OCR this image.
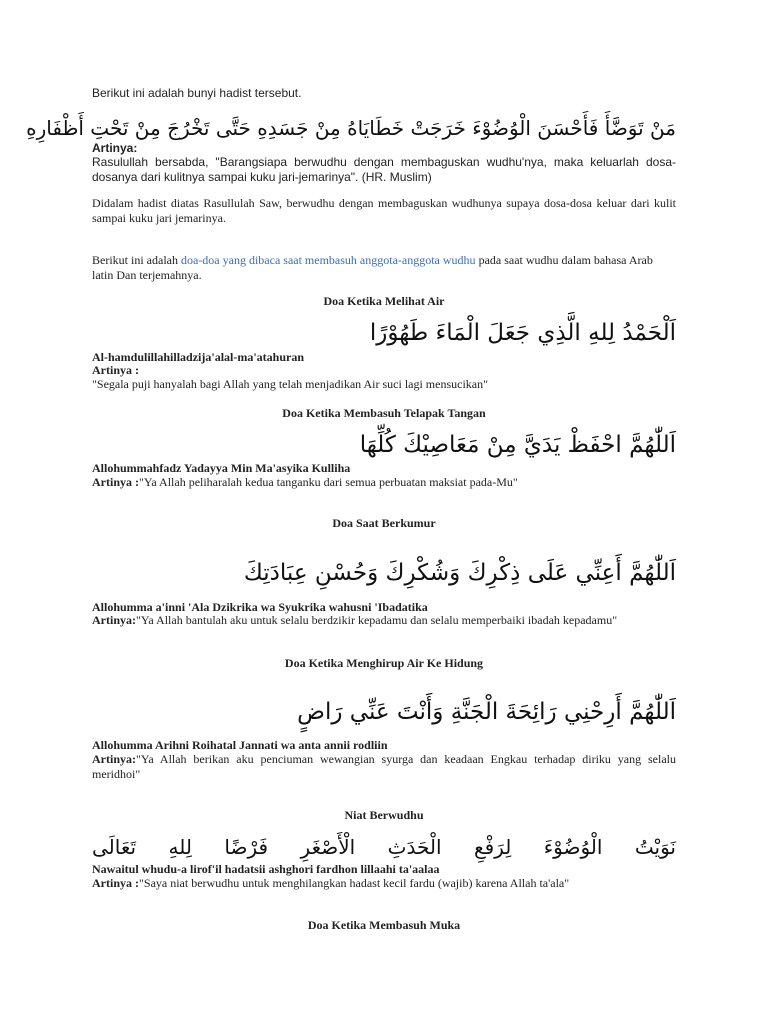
Berikut ini adalah bunyi hadist tersebut.
مَنْ تَوَضَّأَ فَأَحْسَنَ الْوُضُوْءَ خَرَجَتْ خَطَايَاهُ مِنْ جَسَدِهِ حَتَّى تَخْرُجَ مِنْ تَحْتِ أَظْفَارِهِ
Artinya:
Rasulullah bersabda, "Barangsiapa berwudhu dengan membaguskan wudhu'nya, maka keluarlah dosa-dosanya dari kulitnya sampai kuku jari-jemarinya". (HR. Muslim)
Didalam hadist diatas Rasullulah Saw, berwudhu dengan membaguskan wudhunya supaya dosa-dosa keluar dari kulit sampai kuku jari jemarinya.
Berikut ini adalah doa-doa yang dibaca saat membasuh anggota-anggota wudhu pada saat wudhu dalam bahasa Arab latin Dan terjemahnya.
Doa Ketika Melihat Air
اَلْحَمْدُ لِلهِ الَّذِي جَعَلَ الْمَاءَ طَهُوْرًا
Al-hamdulillahilladzija'alal-ma'atahuran
Artinya :
"Segala puji hanyalah bagi Allah yang telah menjadikan Air suci lagi mensucikan"
Doa Ketika Membasuh Telapak Tangan
اَللّٰهُمَّ احْفَظْ يَدَيَّ مِنْ مَعَاصِيْكَ كُلِّهَا
Allohummahfadz Yadayya Min Ma'asyika Kulliha
Artinya :"Ya Allah peliharalah kedua tanganku dari semua perbuatan maksiat pada-Mu"
Doa Saat Berkumur
اَللّٰهُمَّ أَعِنِّي عَلَى ذِكْرِكَ وَشُكْرِكَ وَحُسْنِ عِبَادَتِكَ
Allohumma a'inni 'Ala Dzikrika wa Syukrika wahusni 'Ibadatika
Artinya:"Ya Allah bantulah aku untuk selalu berdzikir kepadamu dan selalu memperbaiki ibadah kepadamu"
Doa Ketika Menghirup Air Ke Hidung
اَللّٰهُمَّ أَرِحْنِي رَائِحَةَ الْجَنَّةِ وَأَنْتَ عَنِّي رَاضٍ
Allohumma Arihni Roihatal Jannati wa anta annii rodliin
Artinya:"Ya Allah berikan aku penciuman wewangian syurga dan keadaan Engkau terhadap diriku yang selalu meridhoi"
Niat Berwudhu
نَوَيْتُ الْوُضُوْءَ لِرَفْعِ الْحَدَثِ الْأَصْغَرِ فَرْضًا لِلهِ تَعَالَى
Nawaitul whudu-a lirof'il hadatsii ashghori fardhon lillaahi ta'aalaa
Artinya :"Saya niat berwudhu untuk menghilangkan hadast kecil fardu (wajib) karena Allah ta'ala"
Doa Ketika Membasuh Muka
